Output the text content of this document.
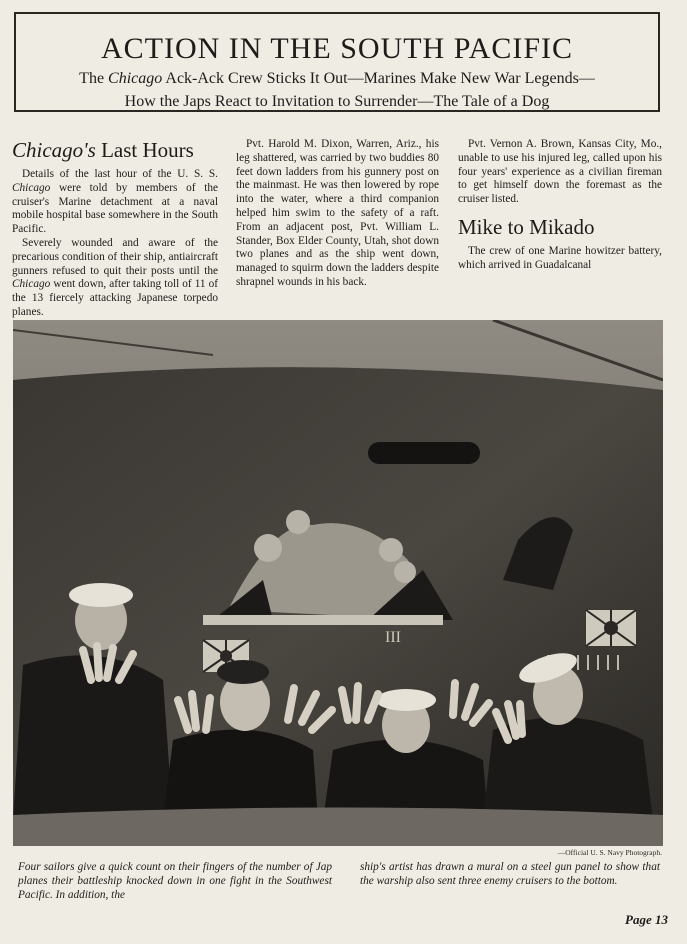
ACTION IN THE SOUTH PACIFIC
The Chicago Ack-Ack Crew Sticks It Out—Marines Make New War Legends—
How the Japs React to Invitation to Surrender—The Tale of a Dog
Chicago's Last Hours

Details of the last hour of the U. S. S. Chicago were told by members of the cruiser's Marine detachment at a naval mobile hospital base somewhere in the South Pacific.

Severely wounded and aware of the precarious condition of their ship, antiaircraft gunners refused to quit their posts until the Chicago went down, after taking toll of 11 of the 13 fiercely attacking Japanese torpedo planes.

Pvt. Harold M. Dixon, Warren, Ariz., his leg shattered, was carried by two buddies 80 feet down ladders from his gunnery post on the mainmast. He was then lowered by rope into the water, where a third companion helped him swim to the safety of a raft. From an adjacent post, Pvt. William L. Stander, Box Elder County, Utah, shot down two planes and as the ship went down, managed to squirm down the ladders despite shrapnel wounds in his back.

Pvt. Vernon A. Brown, Kansas City, Mo., unable to use his injured leg, called upon his four years' experience as a civilian fireman to get himself down the foremast as the cruiser listed.

Mike to Mikado

The crew of one Marine howitzer battery, which arrived in Guadalcanal

III
—Official U. S. Navy Photograph.
Four sailors give a quick count on their fingers of the number of Jap planes their battleship knocked down in one fight in the Southwest Pacific. In addition, the
ship's artist has drawn a mural on a steel gun panel to show that the warship also sent three enemy cruisers to the bottom.
Page 13
